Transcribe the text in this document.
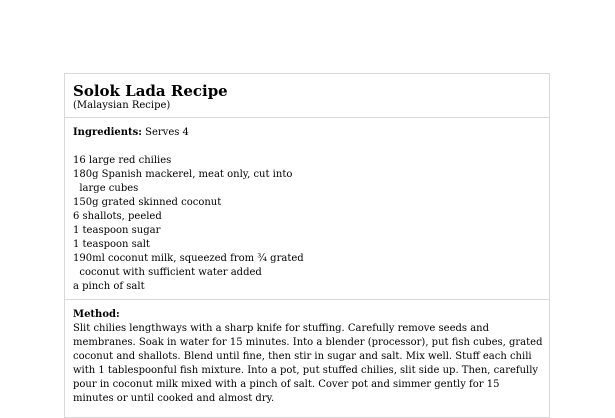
Solok Lada Recipe

(Malaysian Recipe)

Ingredients: Serves 4

16 large red chilies

180g Spanish mackerel, meat only, cut into

large cubes

150g grated skinned coconut

6 shallots, peeled

1 teaspoon sugar

1 teaspoon salt

190ml coconut milk, squeezed from ¾ grated

coconut with sufficient water added

a pinch of salt

Method:

Slit chilies lengthways with a sharp knife for stuffing. Carefully remove seeds and membranes. Soak in water for 15 minutes. Into a blender (processor), put fish cubes, grated coconut and shallots. Blend until fine, then stir in sugar and salt. Mix well. Stuff each chili with 1 tablespoonful fish mixture. Into a pot, put stuffed chilies, slit side up. Then, carefully pour in coconut milk mixed with a pinch of salt. Cover pot and simmer gently for 15 minutes or until cooked and almost dry.
